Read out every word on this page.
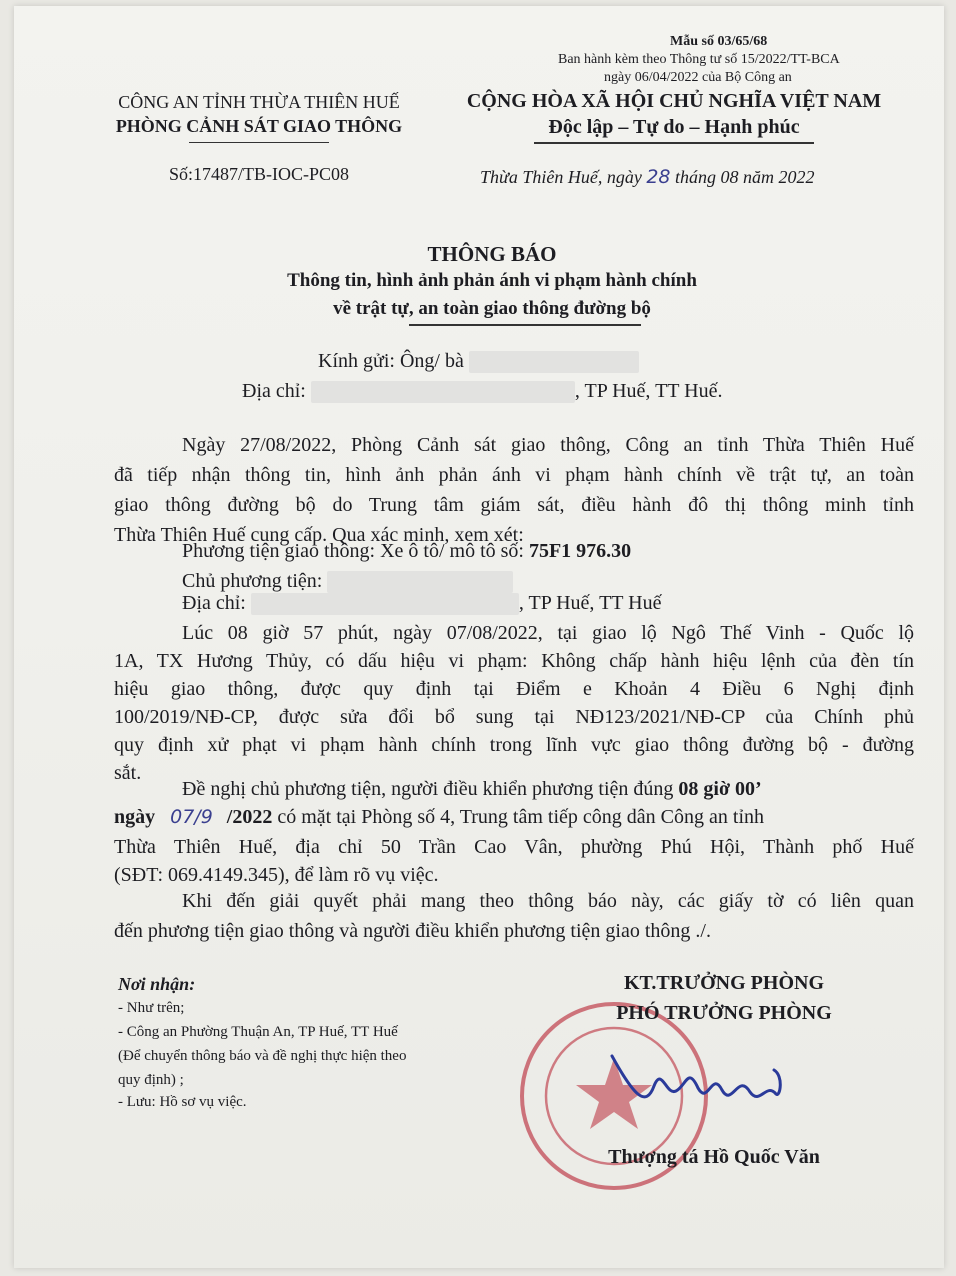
Mẫu số 03/65/68
Ban hành kèm theo Thông tư số 15/2022/TT-BCA
ngày 06/04/2022 của Bộ Công an
CÔNG AN TỈNH THỪA THIÊN HUẾ
PHÒNG CẢNH SÁT GIAO THÔNG
Số:17487/TB-IOC-PC08
CỘNG HÒA XÃ HỘI CHỦ NGHĨA VIỆT NAM
Độc lập – Tự do – Hạnh phúc
Thừa Thiên Huế, ngày 28 tháng 08 năm 2022
THÔNG BÁO
Thông tin, hình ảnh phản ánh vi phạm hành chính
về trật tự, an toàn giao thông đường bộ
Kính gửi: Ông/ bà
Địa chỉ:	, TP Huế, TT Huế.
Ngày 27/08/2022, Phòng Cảnh sát giao thông, Công an tỉnh Thừa Thiên Huế
đã tiếp nhận thông tin, hình ảnh phản ánh vi phạm hành chính về trật tự, an toàn
giao thông đường bộ do Trung tâm giám sát, điều hành đô thị thông minh tỉnh
Thừa Thiên Huế cung cấp. Qua xác minh, xem xét:
Phương tiện giao thông: Xe ô tô/ mô tô số: 75F1 976.30
Chủ phương tiện:
Địa chỉ:	, TP Huế, TT Huế
Lúc 08 giờ 57 phút, ngày 07/08/2022, tại giao lộ Ngô Thế Vinh - Quốc lộ
1A, TX Hương Thủy, có dấu hiệu vi phạm: Không chấp hành hiệu lệnh của đèn tín
hiệu giao thông, được quy định tại Điểm e Khoản 4 Điều 6 Nghị định
100/2019/NĐ-CP, được sửa đổi bổ sung tại NĐ123/2021/NĐ-CP của Chính phủ
quy định xử phạt vi phạm hành chính trong lĩnh vực giao thông đường bộ - đường
sắt.
Đề nghị chủ phương tiện, người điều khiển phương tiện đúng 08 giờ 00’
ngày 07/9 /2022 có mặt tại Phòng số 4, Trung tâm tiếp công dân Công an tỉnh
Thừa Thiên Huế, địa chỉ 50 Trần Cao Vân, phường Phú Hội, Thành phố Huế
(SĐT: 069.4149.345), để làm rõ vụ việc.
Khi đến giải quyết phải mang theo thông báo này, các giấy tờ có liên quan
đến phương tiện giao thông và người điều khiển phương tiện giao thông ./.
Nơi nhận:
- Như trên;
- Công an Phường Thuận An, TP Huế, TT Huế
(Để chuyển thông báo và đề nghị thực hiện theo
quy định) ;
- Lưu: Hồ sơ vụ việc.
KT.TRƯỞNG PHÒNG
PHÓ TRƯỞNG PHÒNG
Thượng tá Hồ Quốc Văn
